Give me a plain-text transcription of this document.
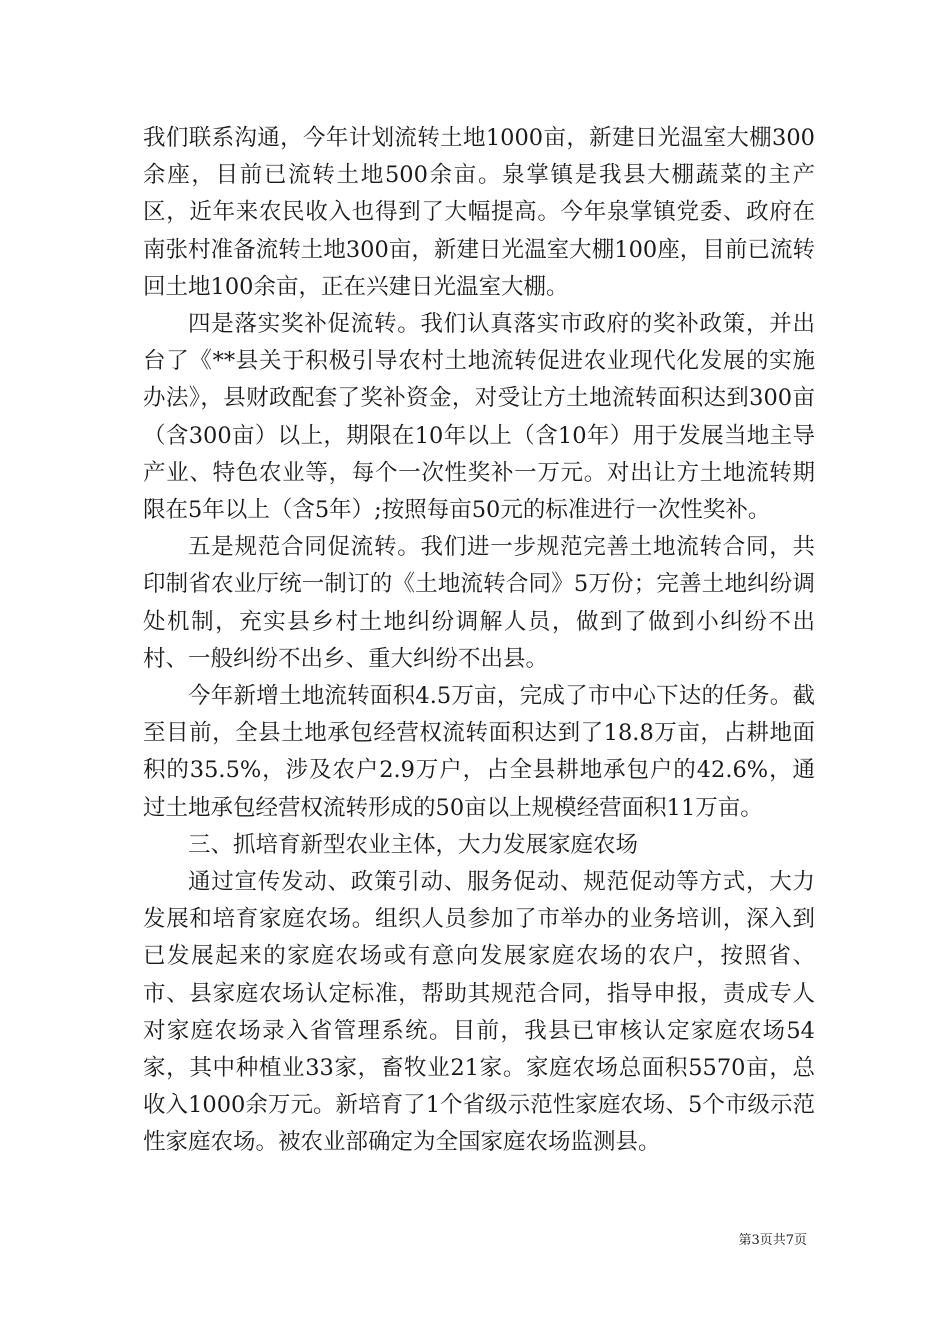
我们联系沟通，今年计划流转土地1000亩，新建日光温室大棚300余座，目前已流转土地500余亩。泉掌镇是我县大棚蔬菜的主产区，近年来农民收入也得到了大幅提高。今年泉掌镇党委、政府在南张村准备流转土地300亩，新建日光温室大棚100座，目前已流转回土地100余亩，正在兴建日光温室大棚。

四是落实奖补促流转。我们认真落实市政府的奖补政策，并出台了《**县关于积极引导农村土地流转促进农业现代化发展的实施办法》，县财政配套了奖补资金，对受让方土地流转面积达到300亩（含300亩）以上，期限在10年以上（含10年）用于发展当地主导产业、特色农业等，每个一次性奖补一万元。对出让方土地流转期限在5年以上（含5年）;按照每亩50元的标准进行一次性奖补。

五是规范合同促流转。我们进一步规范完善土地流转合同，共印制省农业厅统一制订的《土地流转合同》5万份；完善土地纠纷调处机制，充实县乡村土地纠纷调解人员，做到了做到小纠纷不出村、一般纠纷不出乡、重大纠纷不出县。

今年新增土地流转面积4.5万亩，完成了市中心下达的任务。截至目前，全县土地承包经营权流转面积达到了18.8万亩，占耕地面积的35.5%，涉及农户2.9万户，占全县耕地承包户的42.6%，通过土地承包经营权流转形成的50亩以上规模经营面积11万亩。

三、抓培育新型农业主体，大力发展家庭农场

通过宣传发动、政策引动、服务促动、规范促动等方式，大力发展和培育家庭农场。组织人员参加了市举办的业务培训，深入到已发展起来的家庭农场或有意向发展家庭农场的农户，按照省、市、县家庭农场认定标准，帮助其规范合同，指导申报，责成专人对家庭农场录入省管理系统。目前，我县已审核认定家庭农场54家，其中种植业33家，畜牧业21家。家庭农场总面积5570亩，总收入1000余万元。新培育了1个省级示范性家庭农场、5个市级示范性家庭农场。被农业部确定为全国家庭农场监测县。

第3页共7页
